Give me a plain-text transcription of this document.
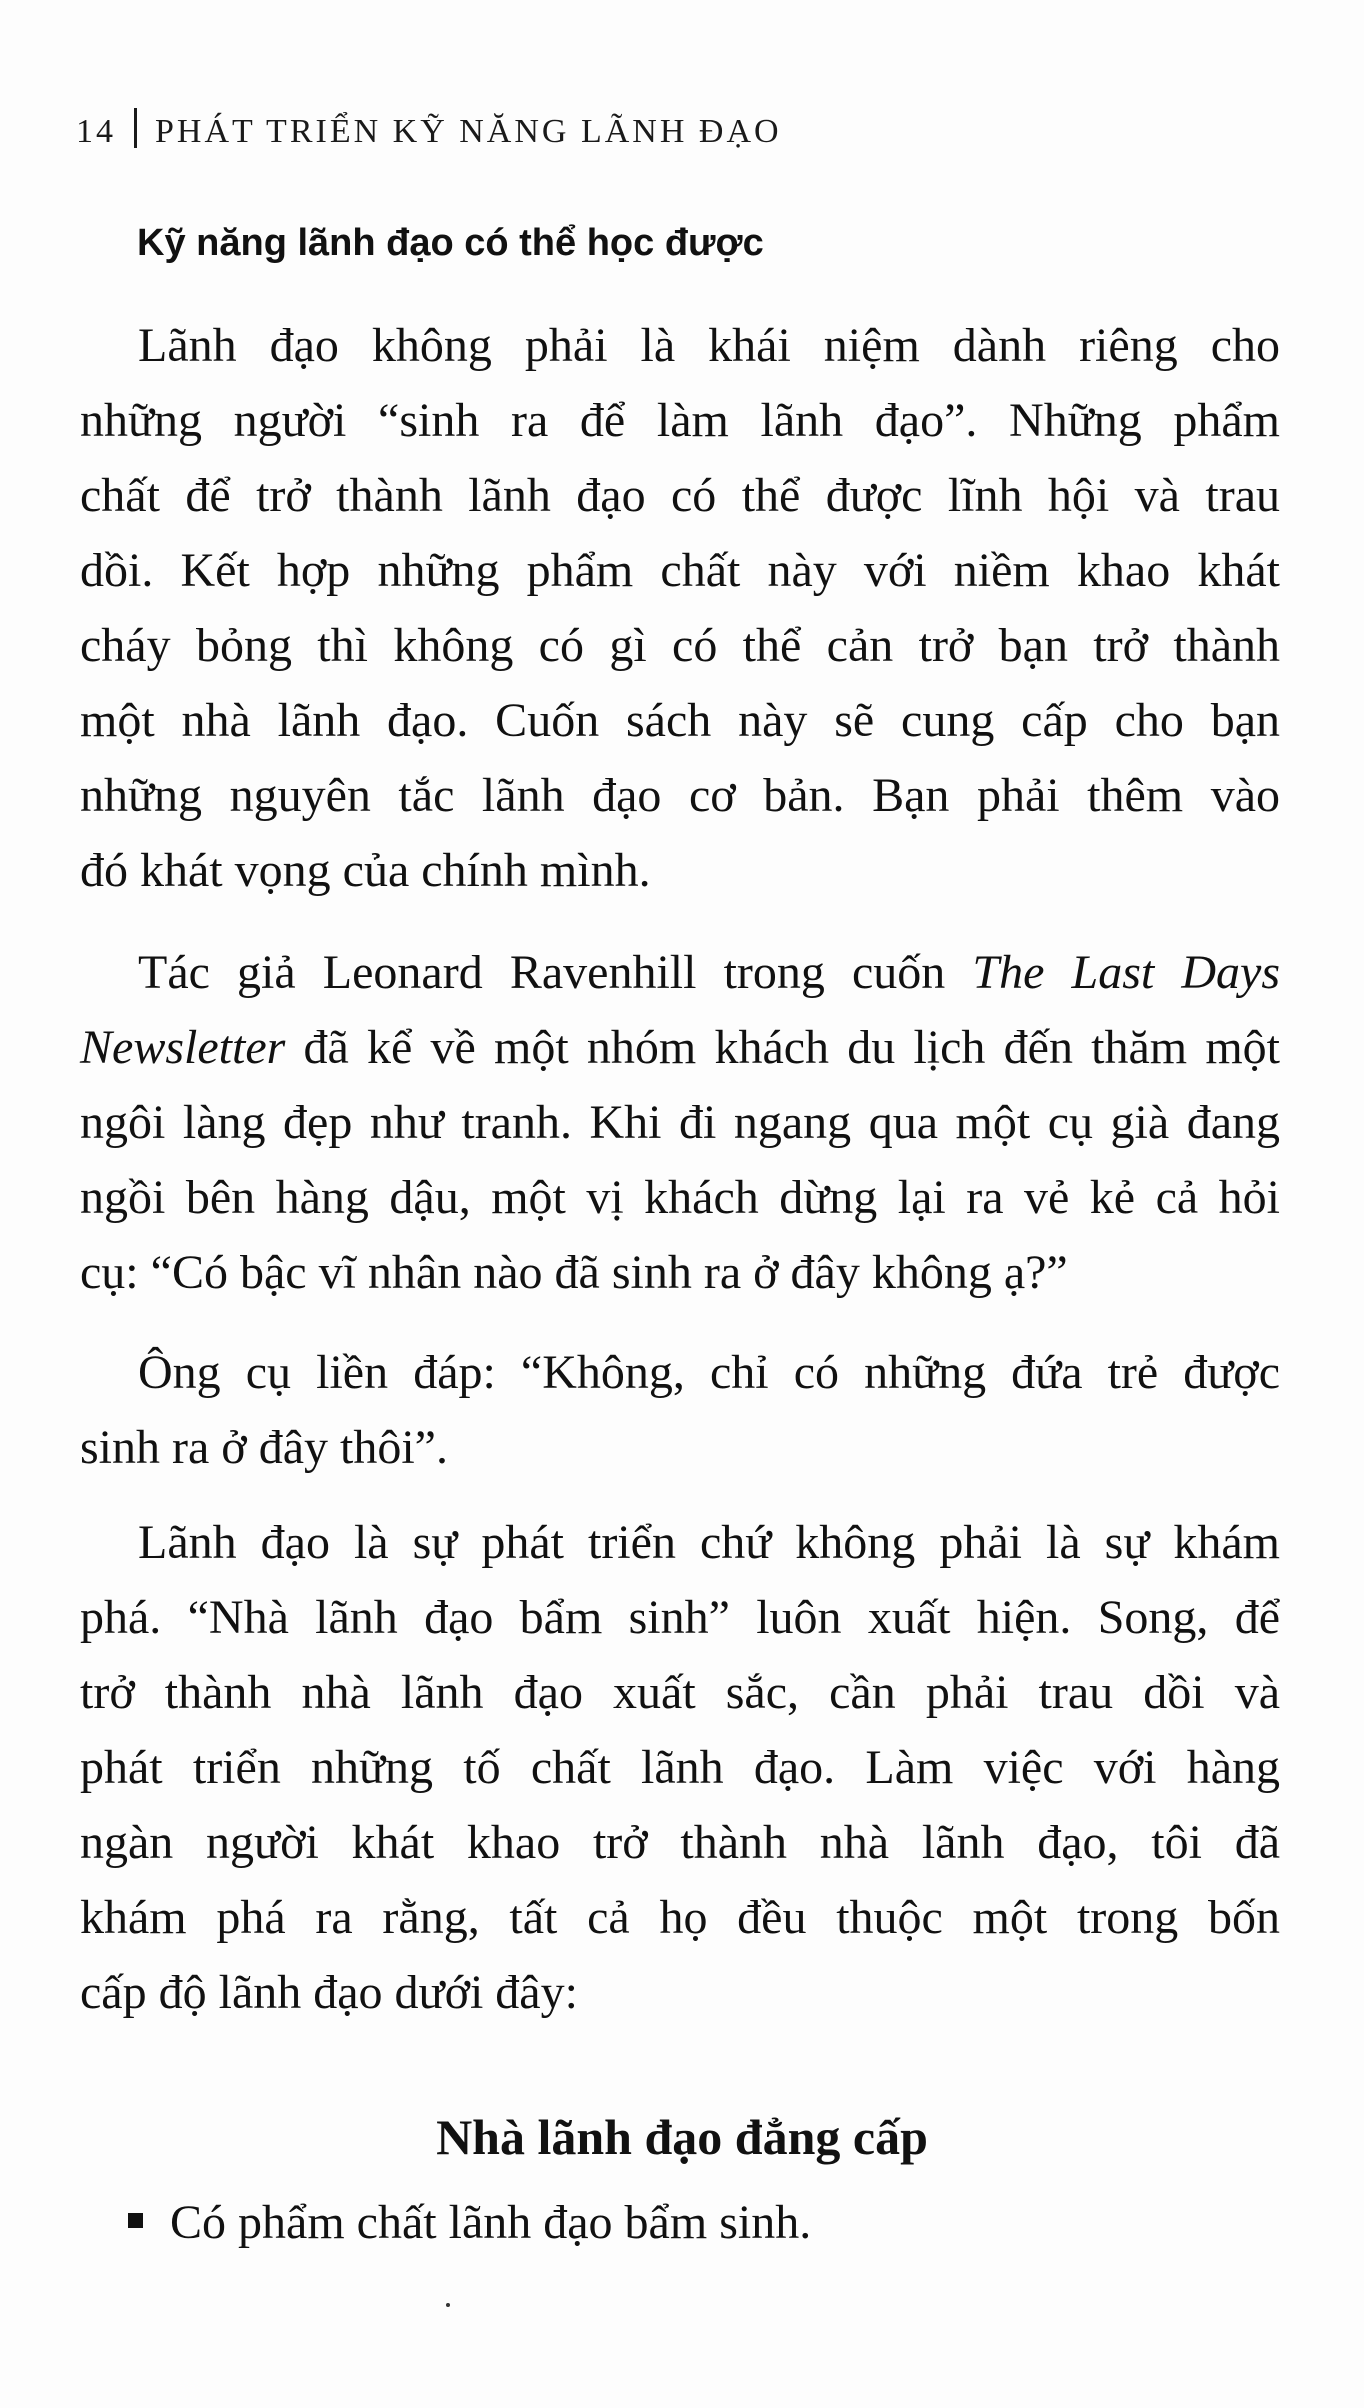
14 PHÁT TRIỂN KỸ NĂNG LÃNH ĐẠO
Kỹ năng lãnh đạo có thể học được
Lãnh đạo không phải là khái niệm dành riêng cho
những người “sinh ra để làm lãnh đạo”. Những phẩm
chất để trở thành lãnh đạo có thể được lĩnh hội và trau
dồi. Kết hợp những phẩm chất này với niềm khao khát
cháy bỏng thì không có gì có thể cản trở bạn trở thành
một nhà lãnh đạo. Cuốn sách này sẽ cung cấp cho bạn
những nguyên tắc lãnh đạo cơ bản. Bạn phải thêm vào
đó khát vọng của chính mình.
Tác giả Leonard Ravenhill trong cuốn The Last Days
Newsletter đã kể về một nhóm khách du lịch đến thăm một
ngôi làng đẹp như tranh. Khi đi ngang qua một cụ già đang
ngồi bên hàng dậu, một vị khách dừng lại ra vẻ kẻ cả hỏi
cụ: “Có bậc vĩ nhân nào đã sinh ra ở đây không ạ?”
Ông cụ liền đáp: “Không, chỉ có những đứa trẻ được
sinh ra ở đây thôi”.
Lãnh đạo là sự phát triển chứ không phải là sự khám
phá. “Nhà lãnh đạo bẩm sinh” luôn xuất hiện. Song, để
trở thành nhà lãnh đạo xuất sắc, cần phải trau dồi và
phát triển những tố chất lãnh đạo. Làm việc với hàng
ngàn người khát khao trở thành nhà lãnh đạo, tôi đã
khám phá ra rằng, tất cả họ đều thuộc một trong bốn
cấp độ lãnh đạo dưới đây:
Nhà lãnh đạo đẳng cấp
Có phẩm chất lãnh đạo bẩm sinh.
